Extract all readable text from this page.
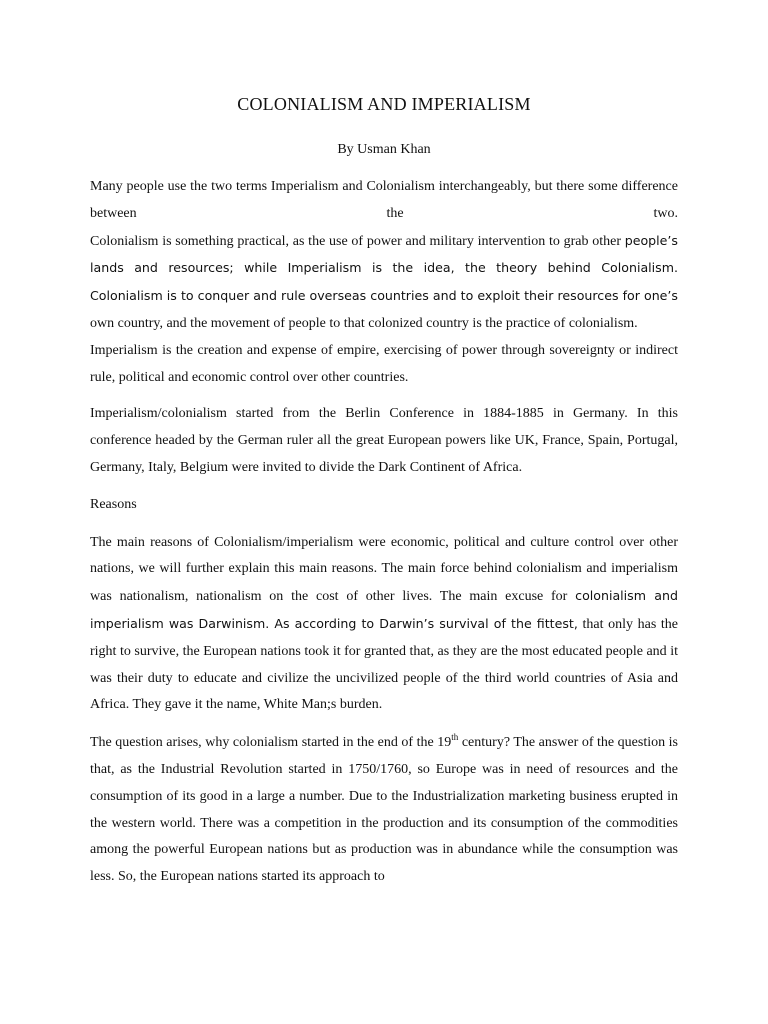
COLONIALISM AND IMPERIALISM
By Usman Khan

Many people use the two terms Imperialism and Colonialism interchangeably, but there some difference between the two.

Colonialism is something practical, as the use of power and military intervention to grab other people’s lands and resources; while Imperialism is the idea, the theory behind Colonialism. Colonialism is to conquer and rule overseas countries and to exploit their resources for one’s own country, and the movement of people to that colonized country is the practice of colonialism.

Imperialism is the creation and expense of empire, exercising of power through sovereignty or indirect rule, political and economic control over other countries.

Imperialism/colonialism started from the Berlin Conference in 1884-1885 in Germany. In this conference headed by the German ruler all the great European powers like UK, France, Spain, Portugal, Germany, Italy, Belgium were invited to divide the Dark Continent of Africa.

Reasons

The main reasons of Colonialism/imperialism were economic, political and culture control over other nations, we will further explain this main reasons. The main force behind colonialism and imperialism was nationalism, nationalism on the cost of other lives. The main excuse for colonialism and imperialism was Darwinism. As according to Darwin’s survival of the fittest, that only has the right to survive, the European nations took it for granted that, as they are the most educated people and it was their duty to educate and civilize the uncivilized people of the third world countries of Asia and Africa. They gave it the name, White Man;s burden.

The question arises, why colonialism started in the end of the 19th century? The answer of the question is that, as the Industrial Revolution started in 1750/1760, so Europe was in need of resources and the consumption of its good in a large a number. Due to the Industrialization marketing business erupted in the western world. There was a competition in the production and its consumption of the commodities among the powerful European nations but as production was in abundance while the consumption was less. So, the European nations started its approach to
